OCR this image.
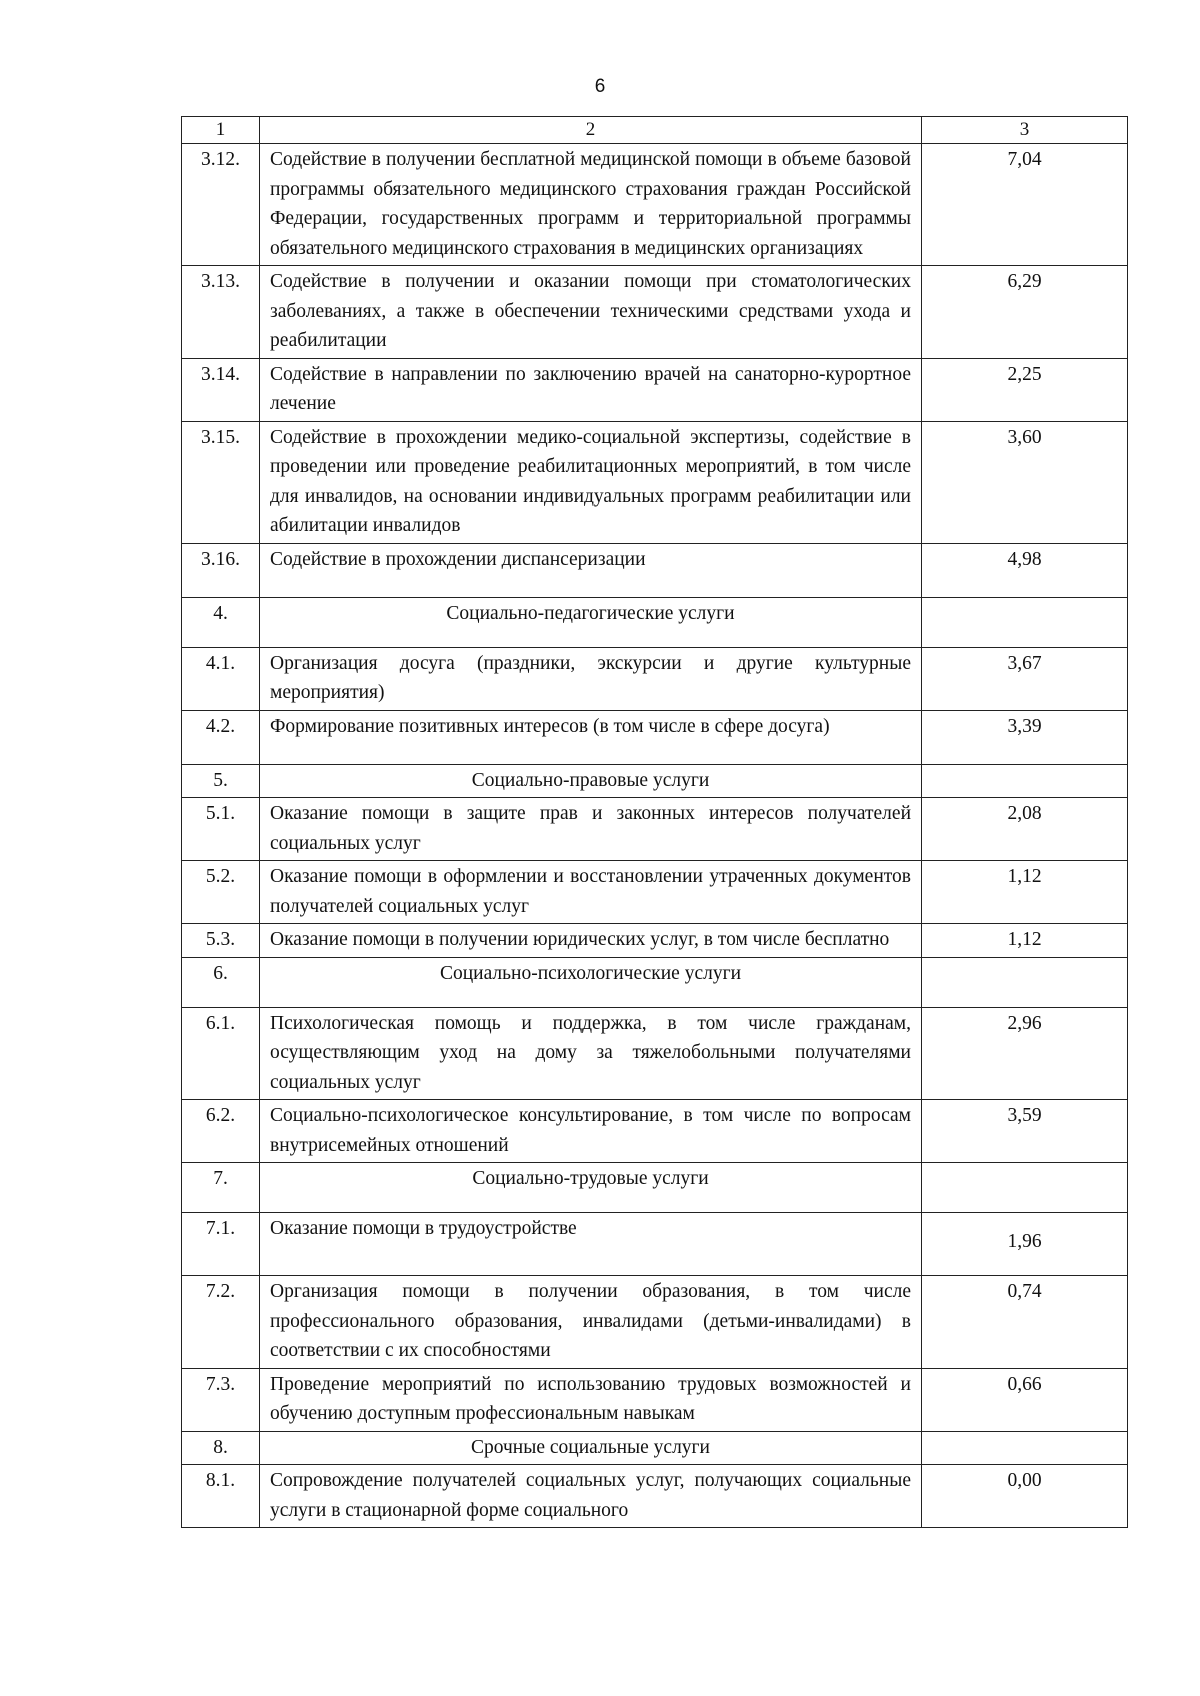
6
1	2	3
3.12.	Содействие в получении бесплатной медицинской помощи в объеме базовой программы обязательного медицинского страхования граждан Российской Федерации, государственных программ и территориальной программы обязательного медицинского страхования в медицинских организациях	7,04
3.13.	Содействие в получении и оказании помощи при стоматологических заболеваниях, а также в обеспечении техническими средствами ухода и реабилитации	6,29
3.14.	Содействие в направлении по заключению врачей на санаторно-курортное лечение	2,25
3.15.	Содействие в прохождении медико-социальной экспертизы, содействие в проведении или проведение реабилитационных мероприятий, в том числе для инвалидов, на основании индивидуальных программ реабилитации или абилитации инвалидов	3,60
3.16.	Содействие в прохождении диспансеризации	4,98
4.	Социально-педагогические услуги	
4.1.	Организация досуга (праздники, экскурсии и другие культурные мероприятия)	3,67
4.2.	Формирование позитивных интересов (в том числе в сфере досуга)	3,39
5.	Социально-правовые услуги	
5.1.	Оказание помощи в защите прав и законных интересов получателей социальных услуг	2,08
5.2.	Оказание помощи в оформлении и восстановлении утраченных документов получателей социальных услуг	1,12
5.3.	Оказание помощи в получении юридических услуг, в том числе бесплатно	1,12
6.	Социально-психологические услуги	
6.1.	Психологическая помощь и поддержка, в том числе гражданам, осуществляющим уход на дому за тяжелобольными получателями социальных услуг	2,96
6.2.	Социально-психологическое консультирование, в том числе по вопросам внутрисемейных отношений	3,59
7.	Социально-трудовые услуги	
7.1.	Оказание помощи в трудоустройстве	1,96
7.2.	Организация помощи в получении образования, в том числе профессионального образования, инвалидами (детьми-инвалидами) в соответствии с их способностями	0,74
7.3.	Проведение мероприятий по использованию трудовых возможностей и обучению доступным профессиональным навыкам	0,66
8.	Срочные социальные услуги	
8.1.	Сопровождение получателей социальных услуг, получающих социальные услуги в стационарной форме социального	0,00
